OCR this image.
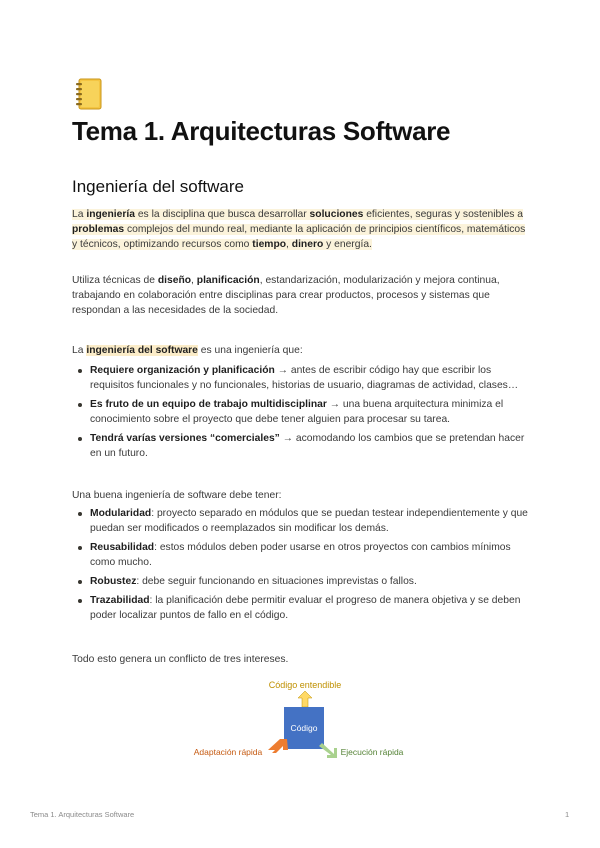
Tema 1. Arquitecturas Software
Ingeniería del software

La ingeniería es la disciplina que busca desarrollar soluciones eficientes, seguras y sostenibles a problemas complejos del mundo real, mediante la aplicación de principios científicos, matemáticos y técnicos, optimizando recursos como tiempo, dinero y energía.

Utiliza técnicas de diseño, planificación, estandarización, modularización y mejora continua, trabajando en colaboración entre disciplinas para crear productos, procesos y sistemas que respondan a las necesidades de la sociedad.

La ingeniería del software es una ingeniería que:

Requiere organización y planificación → antes de escribir código hay que escribir los requisitos funcionales y no funcionales, historias de usuario, diagramas de actividad, clases…
Es fruto de un equipo de trabajo multidisciplinar → una buena arquitectura minimiza el conocimiento sobre el proyecto que debe tener alguien para procesar su tarea.
Tendrá varías versiones “comerciales” → acomodando los cambios que se pretendan hacer en un futuro.

Una buena ingeniería de software debe tener:

Modularidad: proyecto separado en módulos que se puedan testear independientemente y que puedan ser modificados o reemplazados sin modificar los demás.
Reusabilidad: estos módulos deben poder usarse en otros proyectos con cambios mínimos como mucho.
Robustez: debe seguir funcionando en situaciones imprevistas o fallos.
Trazabilidad: la planificación debe permitir evaluar el progreso de manera objetiva y se deben poder localizar puntos de fallo en el código.

Todo esto genera un conflicto de tres intereses.

Código entendible
Código
Adaptación rápida	Ejecución rápida
Tema 1. Arquitecturas Software	1
